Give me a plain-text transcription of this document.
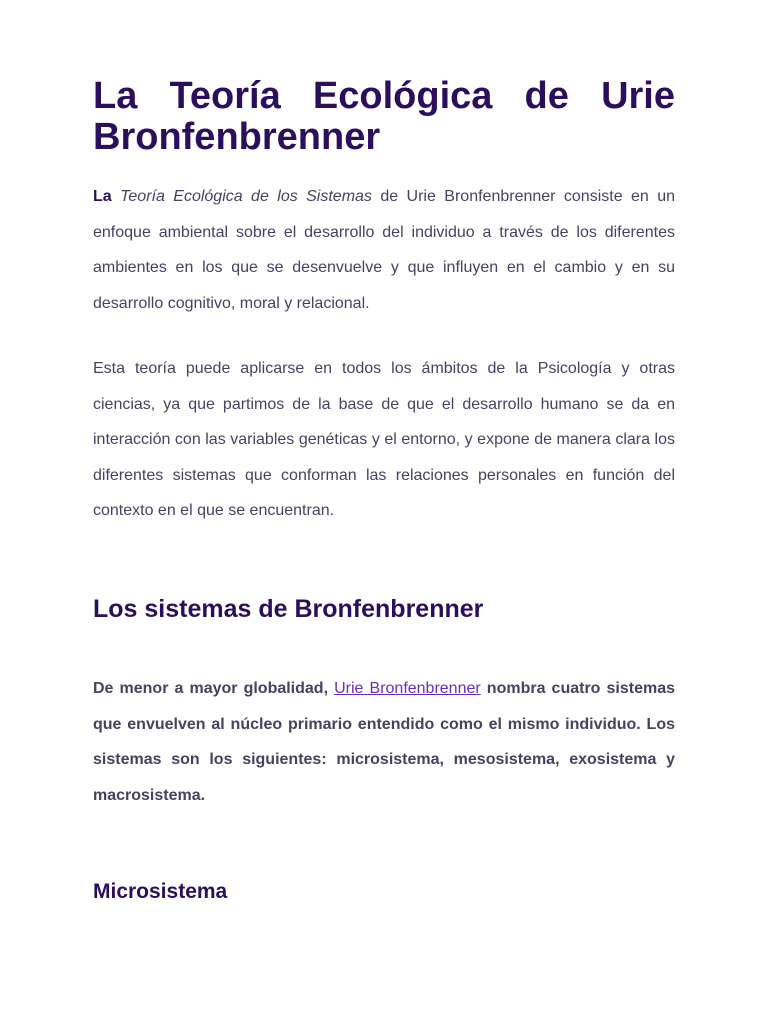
La Teoría Ecológica de Urie Bronfenbrenner

La Teoría Ecológica de los Sistemas de Urie Bronfenbrenner consiste en un enfoque ambiental sobre el desarrollo del individuo a través de los diferentes ambientes en los que se desenvuelve y que influyen en el cambio y en su desarrollo cognitivo, moral y relacional.

Esta teoría puede aplicarse en todos los ámbitos de la Psicología y otras ciencias, ya que partimos de la base de que el desarrollo humano se da en interacción con las variables genéticas y el entorno, y expone de manera clara los diferentes sistemas que conforman las relaciones personales en función del contexto en el que se encuentran.

Los sistemas de Bronfenbrenner

De menor a mayor globalidad, Urie Bronfenbrenner nombra cuatro sistemas que envuelven al núcleo primario entendido como el mismo individuo. Los sistemas son los siguientes: microsistema, mesosistema, exosistema y macrosistema.

Microsistema
